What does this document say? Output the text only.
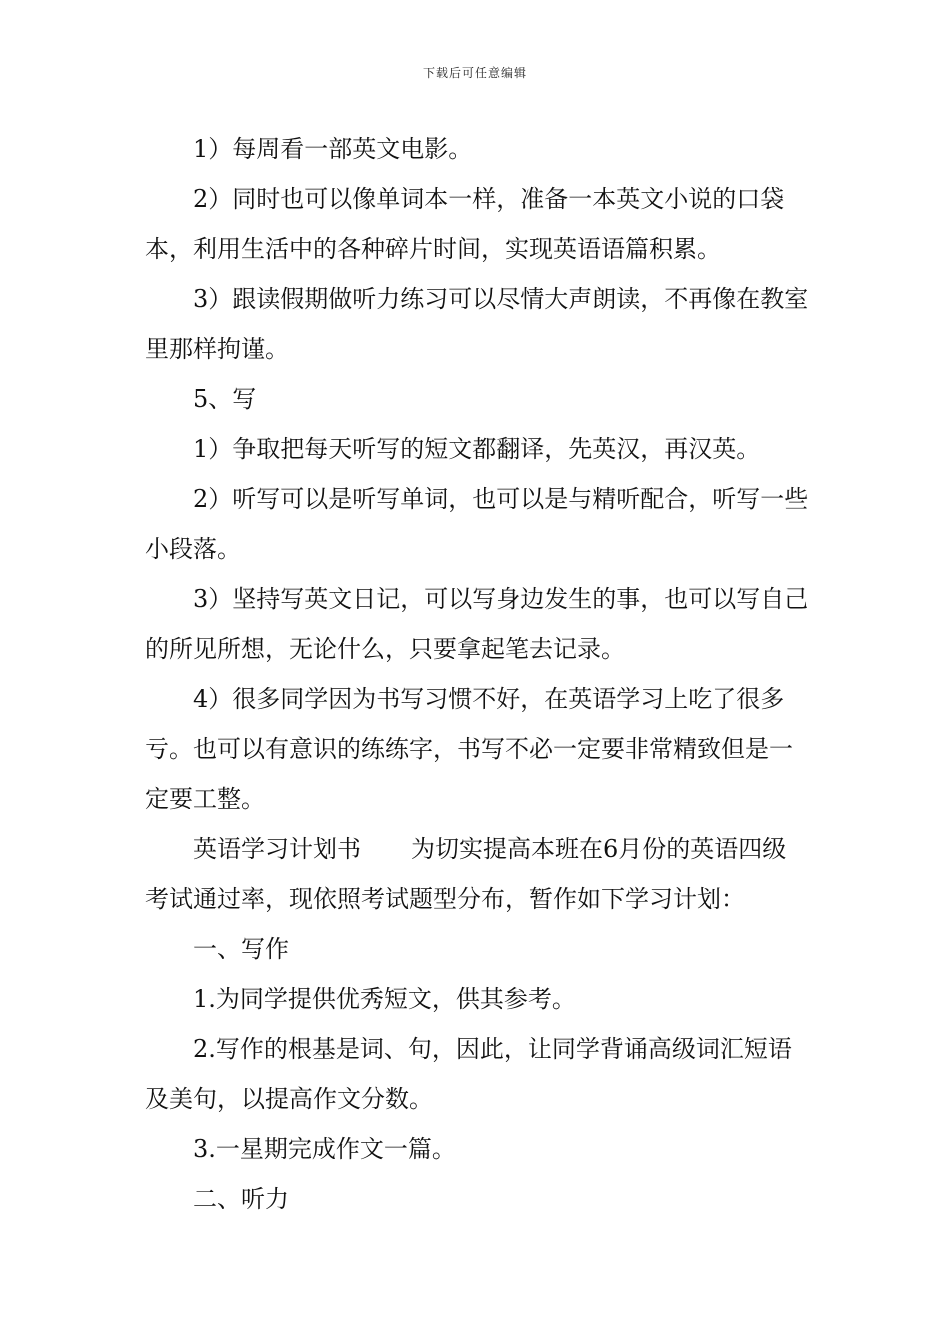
下载后可任意编辑

1）每周看一部英文电影。

2）同时也可以像单词本一样，准备一本英文小说的口袋本，利用生活中的各种碎片时间，实现英语语篇积累。

3）跟读假期做听力练习可以尽情大声朗读，不再像在教室里那样拘谨。

5、写

1）争取把每天听写的短文都翻译，先英汉，再汉英。

2）听写可以是听写单词，也可以是与精听配合，听写一些小段落。

3）坚持写英文日记，可以写身边发生的事，也可以写自己的所见所想，无论什么，只要拿起笔去记录。

4）很多同学因为书写习惯不好，在英语学习上吃了很多亏。也可以有意识的练练字，书写不必一定要非常精致但是一定要工整。

英语学习计划书 为切实提高本班在6月份的英语四级考试通过率，现依照考试题型分布，暂作如下学习计划：

一、写作

1.为同学提供优秀短文，供其参考。

2.写作的根基是词、句，因此，让同学背诵高级词汇短语及美句，以提高作文分数。

3.一星期完成作文一篇。

二、听力
